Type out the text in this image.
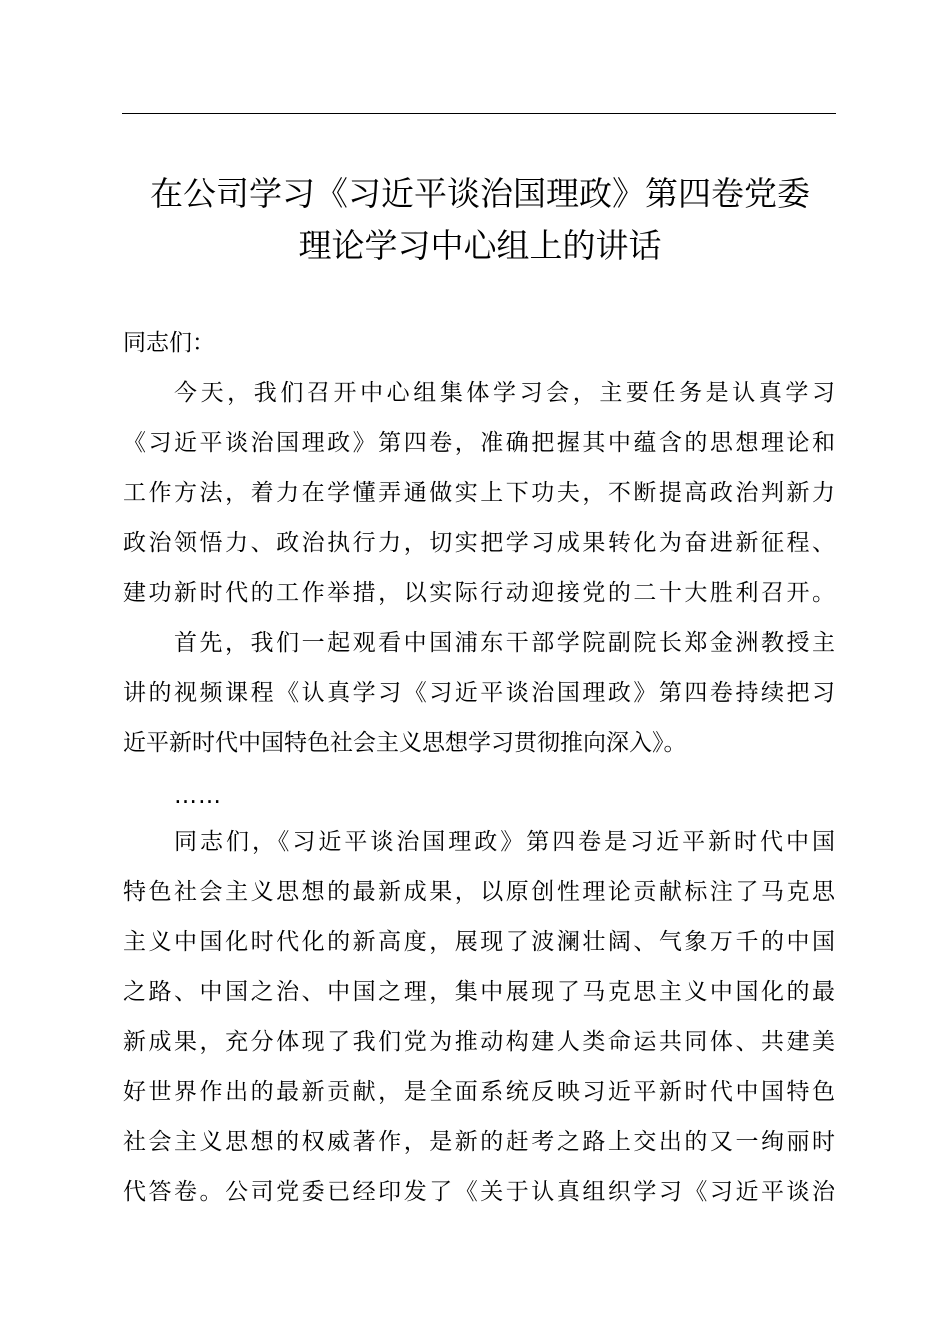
在公司学习《习近平谈治国理政》第四卷党委
理论学习中心组上的讲话
同志们：
今天，我们召开中心组集体学习会，主要任务是认真学习
《习近平谈治国理政》第四卷，准确把握其中蕴含的思想理论和
工作方法，着力在学懂弄通做实上下功夫，不断提高政治判新力
政治领悟力、政治执行力，切实把学习成果转化为奋进新征程、
建功新时代的工作举措，以实际行动迎接党的二十大胜利召开。
首先，我们一起观看中国浦东干部学院副院长郑金洲教授主
讲的视频课程《认真学习《习近平谈治国理政》第四卷持续把习
近平新时代中国特色社会主义思想学习贯彻推向深入》。
……
同志们，《习近平谈治国理政》第四卷是习近平新时代中国
特色社会主义思想的最新成果，以原创性理论贡献标注了马克思
主义中国化时代化的新高度，展现了波澜壮阔、气象万千的中国
之路、中国之治、中国之理，集中展现了马克思主义中国化的最
新成果，充分体现了我们党为推动构建人类命运共同体、共建美
好世界作出的最新贡献，是全面系统反映习近平新时代中国特色
社会主义思想的权威著作，是新的赶考之路上交出的又一绚丽时
代答卷。公司党委已经印发了《关于认真组织学习《习近平谈治
